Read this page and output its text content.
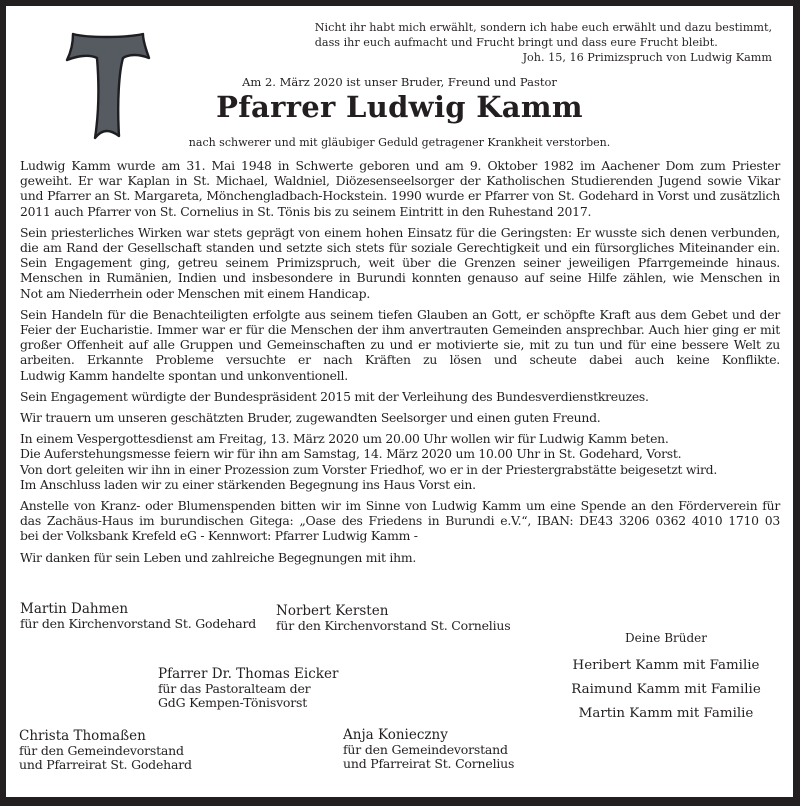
Nicht ihr habt mich erwählt, sondern ich habe euch erwählt und dazu bestimmt,
dass ihr euch aufmacht und Frucht bringt und dass eure Frucht bleibt.
Joh. 15, 16 Primizspruch von Ludwig Kamm
Am 2. März 2020 ist unser Bruder, Freund und Pastor
Pfarrer Ludwig Kamm
nach schwerer und mit gläubiger Geduld getragener Krankheit verstorben.

Ludwig Kamm wurde am 31. Mai 1948 in Schwerte geboren und am 9. Oktober 1982 im Aachener Dom zum Priester
geweiht. Er war Kaplan in St. Michael, Waldniel, Diözesenseelsorger der Katholischen Studierenden Jugend sowie Vikar
und Pfarrer an St. Margareta, Mönchengladbach-Hockstein. 1990 wurde er Pfarrer von St. Godehard in Vorst und zusätzlich
2011 auch Pfarrer von St. Cornelius in St. Tönis bis zu seinem Eintritt in den Ruhestand 2017.

Sein priesterliches Wirken war stets geprägt von einem hohen Einsatz für die Geringsten: Er wusste sich denen verbunden,
die am Rand der Gesellschaft standen und setzte sich stets für soziale Gerechtigkeit und ein fürsorgliches Miteinander ein.
Sein Engagement ging, getreu seinem Primizspruch, weit über die Grenzen seiner jeweiligen Pfarrgemeinde hinaus.
Menschen in Rumänien, Indien und insbesondere in Burundi konnten genauso auf seine Hilfe zählen, wie Menschen in
Not am Niederrhein oder Menschen mit einem Handicap.

Sein Handeln für die Benachteiligten erfolgte aus seinem tiefen Glauben an Gott, er schöpfte Kraft aus dem Gebet und der
Feier der Eucharistie. Immer war er für die Menschen der ihm anvertrauten Gemeinden ansprechbar. Auch hier ging er mit
großer Offenheit auf alle Gruppen und Gemeinschaften zu und er motivierte sie, mit zu tun und für eine bessere Welt zu
arbeiten. Erkannte Probleme versuchte er nach Kräften zu lösen und scheute dabei auch keine Konflikte.
Ludwig Kamm handelte spontan und unkonventionell.

Sein Engagement würdigte der Bundespräsident 2015 mit der Verleihung des Bundesverdienstkreuzes.

Wir trauern um unseren geschätzten Bruder, zugewandten Seelsorger und einen guten Freund.

In einem Vespergottesdienst am Freitag, 13. März 2020 um 20.00 Uhr wollen wir für Ludwig Kamm beten.
Die Auferstehungsmesse feiern wir für ihn am Samstag, 14. März 2020 um 10.00 Uhr in St. Godehard, Vorst.
Von dort geleiten wir ihn in einer Prozession zum Vorster Friedhof, wo er in der Priestergrabstätte beigesetzt wird.
Im Anschluss laden wir zu einer stärkenden Begegnung ins Haus Vorst ein.

Anstelle von Kranz- oder Blumenspenden bitten wir im Sinne von Ludwig Kamm um eine Spende an den Förderverein für
das Zachäus-Haus im burundischen Gitega: „Oase des Friedens in Burundi e.V.“, IBAN: DE43 3206 0362 4010 1710 03
bei der Volksbank Krefeld eG - Kennwort: Pfarrer Ludwig Kamm -

Wir danken für sein Leben und zahlreiche Begegnungen mit ihm.

Martin Dahmen
für den Kirchenvorstand St. Godehard
Norbert Kersten
für den Kirchenvorstand St. Cornelius
Pfarrer Dr. Thomas Eicker
für das Pastoralteam der
GdG Kempen-Tönisvorst
Christa Thomaßen
für den Gemeindevorstand
und Pfarreirat St. Godehard
Anja Konieczny
für den Gemeindevorstand
und Pfarreirat St. Cornelius
Deine Brüder
Heribert Kamm mit Familie
Raimund Kamm mit Familie
Martin Kamm mit Familie
